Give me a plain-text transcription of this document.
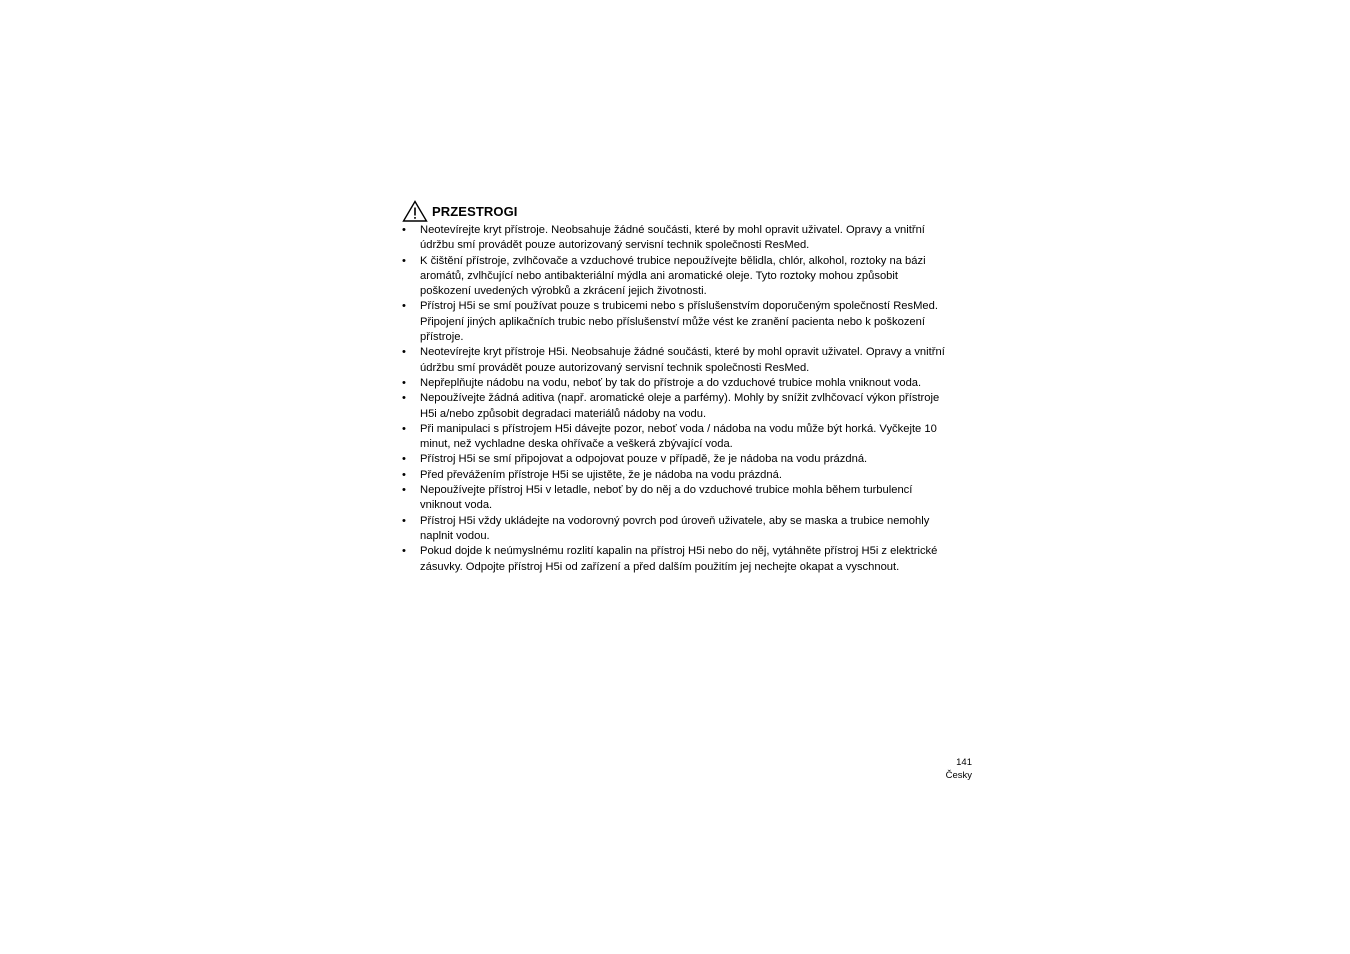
PRZESTROGI
• Neotevírejte kryt přístroje. Neobsahuje žádné součásti, které by mohl opravit uživatel. Opravy a vnitřní údržbu smí provádět pouze autorizovaný servisní technik společnosti ResMed.
• K čištění přístroje, zvlhčovače a vzduchové trubice nepoužívejte bělidla, chlór, alkohol, roztoky na bázi aromátů, zvlhčující nebo antibakteriální mýdla ani aromatické oleje. Tyto roztoky mohou způsobit poškození uvedených výrobků a zkrácení jejich životnosti.
• Přístroj H5i se smí používat pouze s trubicemi nebo s příslušenstvím doporučeným společností ResMed. Připojení jiných aplikačních trubic nebo příslušenství může vést ke zranění pacienta nebo k poškození přístroje.
• Neotevírejte kryt přístroje H5i. Neobsahuje žádné součásti, které by mohl opravit uživatel. Opravy a vnitřní údržbu smí provádět pouze autorizovaný servisní technik společnosti ResMed.
• Nepřeplňujte nádobu na vodu, neboť by tak do přístroje a do vzduchové trubice mohla vniknout voda.
• Nepoužívejte žádná aditiva (např. aromatické oleje a parfémy). Mohly by snížit zvlhčovací výkon přístroje H5i a/nebo způsobit degradaci materiálů nádoby na vodu.
• Při manipulaci s přístrojem H5i dávejte pozor, neboť voda / nádoba na vodu může být horká. Vyčkejte 10 minut, než vychladne deska ohřívače a veškerá zbývající voda.
• Přístroj H5i se smí připojovat a odpojovat pouze v případě, že je nádoba na vodu prázdná.
• Před převážením přístroje H5i se ujistěte, že je nádoba na vodu prázdná.
• Nepoužívejte přístroj H5i v letadle, neboť by do něj a do vzduchové trubice mohla během turbulencí vniknout voda.
• Přístroj H5i vždy ukládejte na vodorovný povrch pod úroveň uživatele, aby se maska a trubice nemohly naplnit vodou.
• Pokud dojde k neúmyslnému rozlití kapalin na přístroj H5i nebo do něj, vytáhněte přístroj H5i z elektrické zásuvky. Odpojte přístroj H5i od zařízení a před dalším použitím jej nechejte okapat a vyschnout.
141
Česky
